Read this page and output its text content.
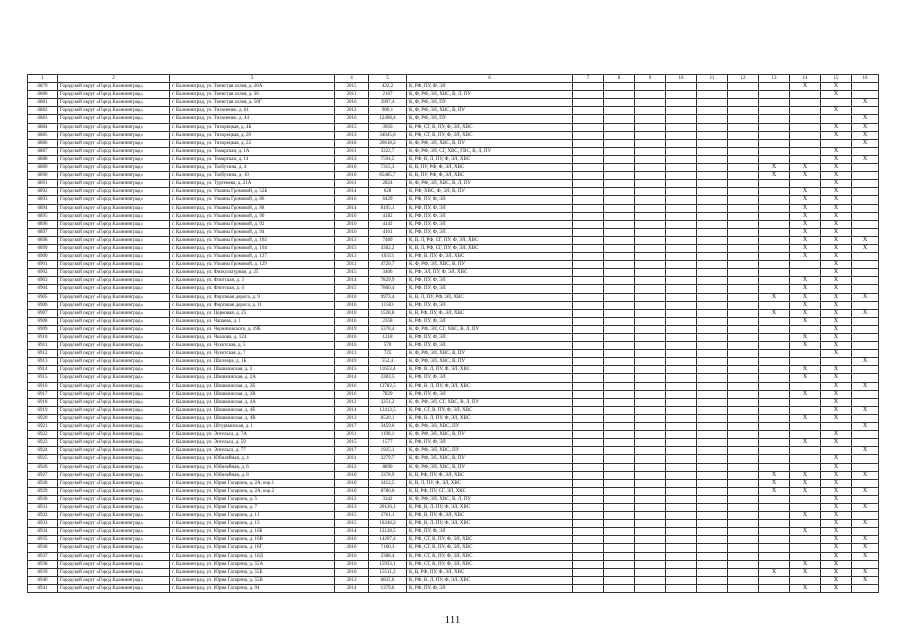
1	2	3	4	5	6	7	8	9	10	11	12	13	14	15	16
6879	Городской округ «Город Калининград»	г. Калининград, ул. Тенистая аллея, д. 26А	2015	422,2	К, РФ, ПУ, Ф, ЭЛ								X	X	
6880	Городской округ «Город Калининград»	г. Калининград, ул. Тенистая аллея, д. 36	2011	2167	К, Ф, РФ, ЭЛ, ХВС, В, Л, ПУ									X	
6881	Городской округ «Город Калининград»	г. Калининград, ул. Тенистая аллея, д. 50Г	2016	3997,4	К, Ф, РФ, ЭЛ, ПУ										X
6882	Городской округ «Город Калининград»	г. Калининград, ул. Тихоненко, д. 81	2012	900,1	К, Ф, РФ, ЭЛ, ХВС, В, ПУ									X	
6883	Городской округ «Город Калининград»	г. Калининград, ул. Тихоненко, д. 44	2016	12498,4	К, Ф, РФ, ЭЛ, ПУ										X
6884	Городской округ «Город Калининград»	г. Калининград, ул. Тихорецкая, д. 4Б	2015	3956	К, РФ, СГ, В, ПУ, Ф, ЭЛ, ХВС									X	X
6885	Городской округ «Город Калининград»	г. Калининград, ул. Тихорецкая, д. 20	2013	34045,6	К, РФ, СГ, В, ПУ, Ф, ЭЛ, ХВС									X	X
6886	Городской округ «Город Калининград»	г. Калининград, ул. Тихорецкая, д. 22	2018	26618,2	К, Ф, РФ, ЭЛ, ХВС, В, ПУ										X
6887	Городской округ «Город Калининград»	г. Калининград, ул. Томарская, д. 1А	2011	3322,7	К, Ф, РФ, ЭЛ, СГ, ХВС, ГВС, В, Л, ПУ									X	
6888	Городской округ «Город Калининград»	г. Калининград, ул. Томарская, д. 14	2013	7594,5	К, РФ, В, Л, ПУ, Ф, ЭЛ, ХВС									X	X
6889	Городской округ «Город Калининград»	г. Калининград, ул. Толбухина, д. 4	2010	7315,3	К, В, ПУ, РФ, Ф, ЭЛ, ХВС							X	X	X	
6890	Городской округ «Город Калининград»	г. Калининград, ул. Толбухина, д. 10	2010	85485,7	К, В, ПУ, РФ, Ф, ЭЛ, ХВС							X	X	X	
6891	Городской округ «Город Калининград»	г. Калининград, ул. Тургенева, д. 21А	2011	2824	К, Ф, РФ, ЭЛ, ХВС, В, Л, ПУ									X	
6892	Городской округ «Город Калининград»	г. Калининград, ул. Ульяны Громовой, д. 52Б	2014	628	К, РФ, ХВС, Ф, ЭЛ, В, ПУ								X	X	
6893	Городской округ «Город Калининград»	г. Калининград, ул. Ульяны Громовой, д. 86	2016	6429	К, РФ, ПУ, Ф, ЭЛ								X	X	
6894	Городской округ «Город Калининград»	г. Калининград, ул. Ульяны Громовой, д. 88	2014	8105,1	К, РФ, ПУ, Ф, ЭЛ								X	X	
6895	Городской округ «Город Калининград»	г. Калининград, ул. Ульяны Громовой, д. 90	2016	4182	К, РФ, ПУ, Ф, ЭЛ								X	X	
6896	Городской округ «Город Калининград»	г. Калининград, ул. Ульяны Громовой, д. 92	2016	4142	К, РФ, ПУ, Ф, ЭЛ								X	X	
6897	Городской округ «Город Калининград»	г. Калининград, ул. Ульяны Громовой, д. 94	2016	4161	К, РФ, ПУ, Ф, ЭЛ								X	X	
6898	Городской округ «Город Калининград»	г. Калининград, ул. Ульяны Громовой, д. 102	2013	7489	К, В, Л, РФ, СГ, ПУ, Ф, ЭЛ, ХВС								X	X	X
6899	Городской округ «Город Калининград»	г. Калининград, ул. Ульяны Громовой, д. 104	2015	4382,2	К, В, Л, РФ, СГ, ПУ, Ф, ЭЛ, ХВС								X	X	X
6900	Городской округ «Город Калининград»	г. Калининград, ул. Ульяны Громовой, д. 127	2013	10313	К, РФ, В, ПУ, Ф, ЭЛ, ХВС								X	X	
6901	Городской округ «Город Калининград»	г. Калининград, ул. Ульяны Громовой, д. 129	2011	4720,7	К, Ф, РФ, ЭЛ, ХВС, В, ПУ									X	
6902	Городской округ «Город Калининград»	г. Калининград, ул. Физкультурная, д. 25	2015	3406	К, РФ, ЭЛ, ПУ, Ф, ЭЛ, ХВС									X	
6903	Городской округ «Город Калининград»	г. Калининград, ул. Флотская, д. 3	2014	7829,9	К, РФ, ПУ, Ф, ЭЛ								X	X	
6904	Городской округ «Город Калининград»	г. Калининград, ул. Флотская, д. 4	2015	7860,4	К, РФ, ПУ, Ф, ЭЛ								X	X	
6905	Городской округ «Город Калининград»	г. Калининград, ул. Фортовая дорога, д. 9	2010	9973,4	К, В, Л, ПУ, РФ, ЭЛ, ХВС							X	X	X	X
6906	Городской округ «Город Калининград»	г. Калининград, ул. Фортовая дорога, д. 11	2016	11503	К, РФ, ПУ, Ф, ЭЛ								X	X	
6907	Городской округ «Город Калининград»	г. Калининград, ул. Церковая, д. 25	2010	1528,8	К, В, РФ, ПУ, Ф, ЭЛ, ХВС							X	X	X	X
6908	Городской округ «Город Калининград»	г. Калининград, ул. Чапаева, д. 1	2016	2358	К, РФ, ПУ, Ф, ЭЛ								X	X	
6909	Городской округ «Город Калининград»	г. Калининград, ул. Черняховского, д. 19Б	2019	5378,4	К, Ф, РФ, ЭЛ, СГ, ХВС, В, Л, ПУ									X	
6910	Городской округ «Город Калининград»	г. Калининград, ул. Чкалова, д. 124	2016	1218	К, РФ, ПУ, Ф, ЭЛ								X	X	
6911	Городской округ «Город Калининград»	г. Калининград, ул. Чукотская, д. 5	2016	570	К, РФ, ПУ, Ф, ЭЛ								X	X	
6912	Городской округ «Город Калининград»	г. Калининград, ул. Чукотская, д. 7	2013	725	К, Ф, РФ, ЭЛ, ХВС, В, ПУ									X	
6913	Городской округ «Город Калининград»	г. Калининград, ул. Шиллера, д. 1Б	2019	552,4	К, Ф, РФ, ЭЛ, ХВС, В, ПУ										X
6914	Городской округ «Город Калининград»	г. Калининград, ул. Шишкинская, д. 2	2015	11653,4	К, РФ, В, Л, ПУ, Ф, ЭЛ, ХВС								X	X	
6915	Городской округ «Город Калининград»	г. Калининград, ул. Шишкинская, д. 2А	2014	3383,5	К, РФ, ПУ, Ф, ЭЛ								X	X	
6916	Городской округ «Город Калининград»	г. Калининград, ул. Шишкинская, д. 2Б	2016	13782,5	К, РФ, В, Л, ПУ, Ф, ЭЛ, ХВС									X	X
6917	Городской округ «Город Калининград»	г. Калининград, ул. Шишкинская, д. 2В	2016	7829	К, РФ, ПУ, Ф, ЭЛ								X	X	
6918	Городской округ «Город Калининград»	г. Калининград, ул. Шишкинская, д. 4А	2012	3251,2	К, Ф, РФ, ЭЛ, СГ, ХВС, В, Л, ПУ									X	
6919	Городской округ «Город Калининград»	г. Калининград, ул. Шишкинская, д. 4Б	2014	12413,5	К, РФ, СГ, В, ПУ, Ф, ЭЛ, ХВС									X	X
6920	Городской округ «Город Калининград»	г. Калининград, ул. Шишкинская, д. 4В	2013	8520,1	К, РФ, В, Л, ПУ, Ф, ЭЛ, ХВС								X	X	
6921	Городской округ «Город Калининград»	г. Калининград, ул. Штурманская, д. 1	2017	3459,6	К, Ф, РФ, ЭЛ, ХВС, ПУ										X
6922	Городской округ «Город Калининград»	г. Калининград, ул. Энгельса, д. 7А	2011	1196,1	К, Ф, РФ, ЭЛ, ХВС, В, ПУ									X	
6923	Городской округ «Город Калининград»	г. Калининград, ул. Энгельса, д. 59	2015	1577	К, РФ, ПУ, Ф, ЭЛ								X	X	
6924	Городской округ «Город Калининград»	г. Калининград, ул. Энгельса, д. 77	2017	1925,1	К, Ф, РФ, ЭЛ, ХВС, ПУ										X
6925	Городской округ «Город Калининград»	г. Калининград, ул. Юбилейная, д. 4	2011	3279,7	К, Ф, РФ, ЭЛ, ХВС, В, ПУ									X	
6926	Городской округ «Город Калининград»	г. Калининград, ул. Юбилейная, д. 6	2012	8890	К, Ф, РФ, ЭЛ, ХВС, В, ПУ									X	
6927	Городской округ «Город Калининград»	г. Калининград, ул. Юбилейная, д. 8	2010	3378,9	К, В, РФ, ПУ, Ф, ЭЛ, ХВС							X	X	X	X
6928	Городской округ «Город Калининград»	г. Калининград, ул. Юрия Гагарина, д. 2А, кор.1	2010	3412,5	К, В, Л, ПУ, Ф, ЭЛ, ХВС							X	X	X	
6929	Городской округ «Город Калининград»	г. Калининград, ул. Юрия Гагарина, д. 2А, кор.2	2010	8780,6	К, В, РФ, ПУ, СГ, ЭЛ, ХВС							X	X	X	X
6930	Городской округ «Город Калининград»	г. Калининград, ул. Юрия Гагарина, д. 5	2012	3342	К, Ф, РФ, ЭЛ, ХВС, В, Л, ПУ									X	
6931	Городской округ «Город Калининград»	г. Калининград, ул. Юрия Гагарина, д. 7	2013	20126,1	К, РФ, В, Л, ПУ, Ф, ЭЛ, ХВС									X	X
6932	Городской округ «Город Калининград»	г. Калининград, ул. Юрия Гагарина, д. 11	2015	3761,1	К, РФ, В, ПУ, Ф, ЭЛ, ХВС								X	X	
6933	Городской округ «Город Калининград»	г. Калининград, ул. Юрия Гагарина, д. 13	2015	10246,2	К, РФ, В, Л, ПУ, Ф, ЭЛ, ХВС									X	X
6934	Городской округ «Город Калининград»	г. Калининград, ул. Юрия Гагарина, д. 16Б	2014	12128,5	К, РФ, ПУ, Ф, ЭЛ								X	X	
6935	Городской округ «Город Калининград»	г. Калининград, ул. Юрия Гагарина, д. 16В	2016	14207,4	К, РФ, СГ, В, ПУ, Ф, ЭЛ, ХВС									X	X
6936	Городской округ «Город Калининград»	г. Калининград, ул. Юрия Гагарина, д. 16Г	2016	7160,3	К, РФ, СГ, В, ПУ, Ф, ЭЛ, ХВС									X	X
6937	Городской округ «Город Калининград»	г. Калининград, ул. Юрия Гагарина, д. 16Д	2016	2388,4	К, РФ, СГ, В, ПУ, Ф, ЭЛ, ХВС									X	X
6938	Городской округ «Город Калининград»	г. Калининград, ул. Юрия Гагарина, д. 55А	2016	15933,1	К, РФ, СГ, В, ПУ, Ф, ЭЛ, ХВС								X	X	
6939	Городской округ «Город Калининград»	г. Калининград, ул. Юрия Гагарина, д. 55Б	2010	15511,3	К, В, РФ, ПУ, Ф, ЭЛ, ХВС							X	X	X	X
6940	Городской округ «Город Калининград»	г. Калининград, ул. Юрия Гагарина, д. 55В	2013	6832,6	К, РФ, В, Л, ПУ, Ф, ЭЛ, ХВС									X	X
6941	Городской округ «Город Калининград»	г. Калининград, ул. Юрия Гагарина, д. 94	2014	1379,6	К, РФ, ПУ, Ф, ЭЛ								X	X	
111
